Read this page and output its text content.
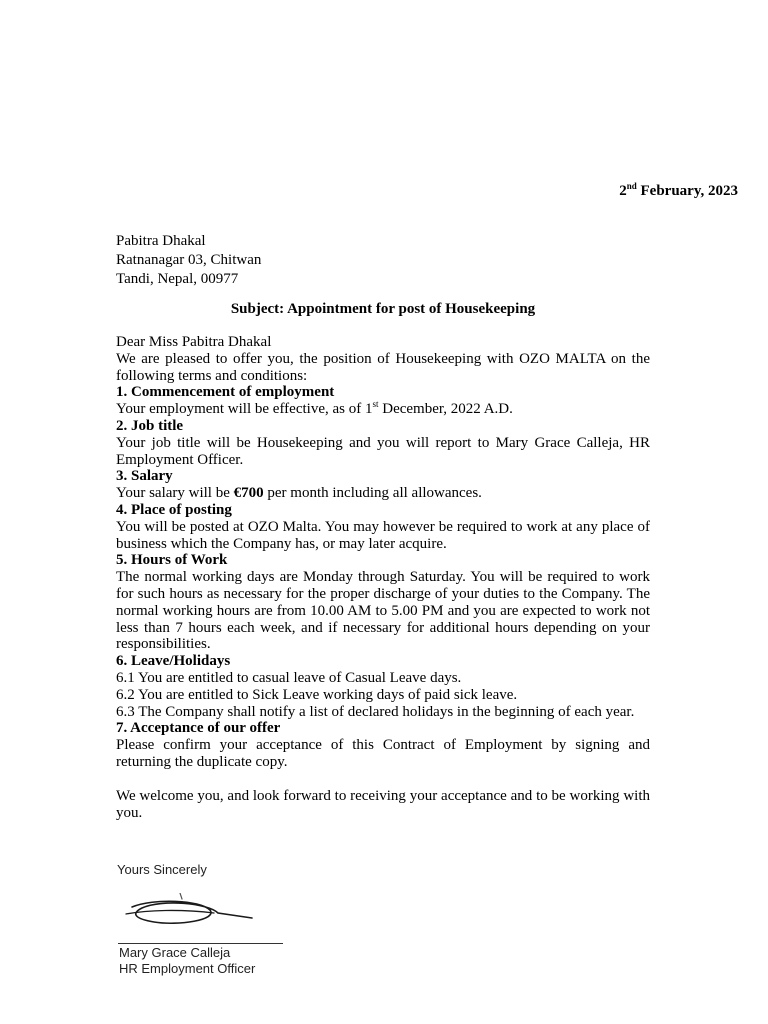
2nd February, 2023
Pabitra Dhakal
Ratnanagar 03, Chitwan
Tandi, Nepal, 00977
Subject: Appointment for post of Housekeeping

Dear Miss Pabitra Dhakal

We are pleased to offer you, the position of Housekeeping with OZO MALTA on the following terms and conditions:

1. Commencement of employment

Your employment will be effective, as of 1st December, 2022 A.D.

2. Job title

Your job title will be Housekeeping and you will report to Mary Grace Calleja, HR Employment Officer.

3. Salary

Your salary will be €700 per month including all allowances.

4. Place of posting

You will be posted at OZO Malta. You may however be required to work at any place of business which the Company has, or may later acquire.

5. Hours of Work

The normal working days are Monday through Saturday. You will be required to work for such hours as necessary for the proper discharge of your duties to the Company. The normal working hours are from 10.00 AM to 5.00 PM and you are expected to work not less than 7 hours each week, and if necessary for additional hours depending on your responsibilities.

6. Leave/Holidays

6.1 You are entitled to casual leave of Casual Leave days.

6.2 You are entitled to Sick Leave working days of paid sick leave.

6.3 The Company shall notify a list of declared holidays in the beginning of each year.

7. Acceptance of our offer

Please confirm your acceptance of this Contract of Employment by signing and returning the duplicate copy.

We welcome you, and look forward to receiving your acceptance and to be working with you.

Yours Sincerely
Mary Grace Calleja
HR Employment Officer
